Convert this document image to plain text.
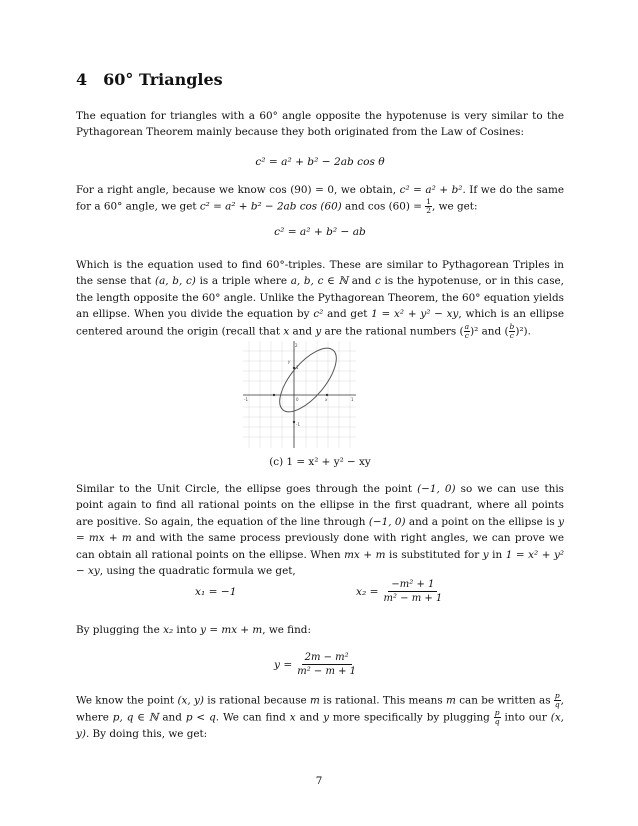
4 60° Triangles

The equation for triangles with a 60° angle opposite the hypotenuse is very similar to the Pythagorean Theorem mainly because they both originated from the Law of Cosines:

c² = a² + b² − 2ab cos θ

For a right angle, because we know cos (90) = 0, we obtain, c² = a² + b². If we do the same for a 60° angle, we get c² = a² + b² − 2ab cos (60) and $\cos (60) = \frac{1}{2}$ , we get:

c² = a² + b² − ab

Which is the equation used to find 60°-triples. These are similar to Pythagorean Triples in the sense that (a, b, c) is a triple where a, b, c ∈ ℕ and c is the hypotenuse, or in this case, the length opposite the 60° angle. Unlike the Pythagorean Theorem, the 60° equation yields an ellipse. When you divide the equation by c² and get 1 = x² + y² − xy, which is an ellipse centered around the origin (recall that x and y are the rational numbers ( $\frac{a}{c} )^2$ and ( $\frac{b}{c} )^2$).

2
y
1
-1	0	x	1
-1
(c) 1 = x² + y² − xy

Similar to the Unit Circle, the ellipse goes through the point (−1, 0) so we can use this point again to find all rational points on the ellipse in the first quadrant, where all points are positive. So again, the equation of the line through (−1, 0) and a point on the ellipse is y = mx + m and with the same process previously done with right angles, we can prove we can obtain all rational points on the ellipse. When mx + m is substituted for y in 1 = x² + y² − xy, using the quadratic formula we get,

x₁ = −1	$x_2 = \frac{\text{−m² + 1}}{\text{m² − m + 1}}$

By plugging the x₂ into y = mx + m, we find:

$y = \frac{\text{2m − m²}}{\text{m² − m + 1}}$

We know the point (x, y) is rational because m is rational. This means m can be written as $\frac{p}{q}$ , where p, q ∈ ℕ and p < q. We can find x and y more specifically by plugging $\frac{p}{q}$ into our (x, y). By doing this, we get:

7
